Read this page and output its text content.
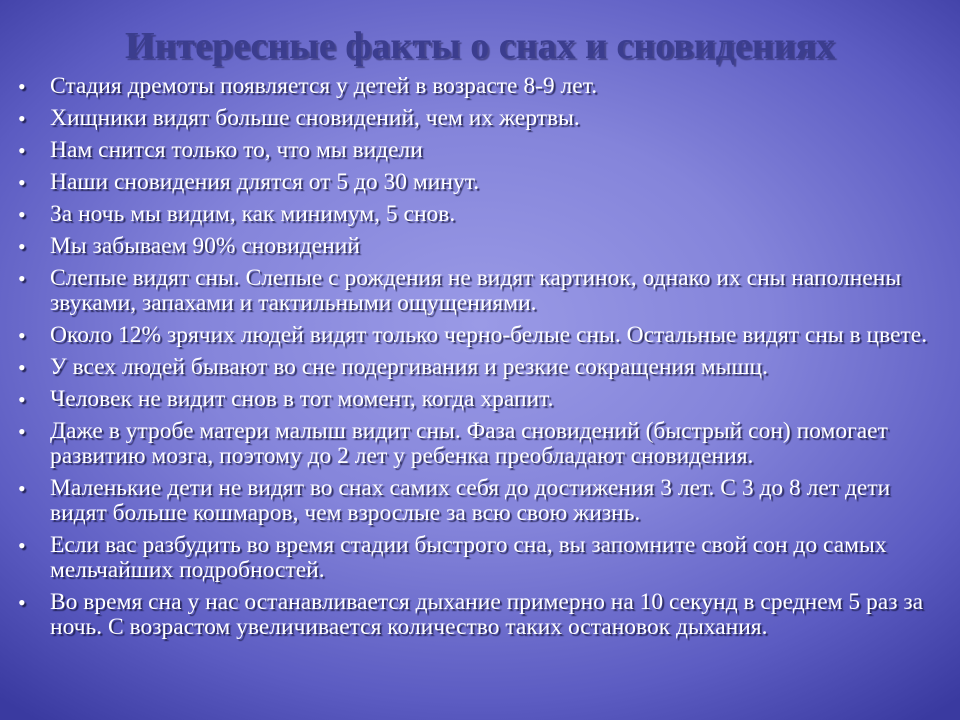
Интересные факты о снах и сновидениях
•	Стадия дремоты появляется у детей в возрасте 8-9 лет.
•	Хищники видят больше сновидений, чем их жертвы.
•	Нам снится только то, что мы видели
•	Наши сновидения длятся от 5 до 30 минут.
•	За ночь мы видим, как минимум, 5 снов.
•	Мы забываем 90% сновидений
•	Слепые видят сны. Слепые с рождения не видят картинок, однако их сны наполнены звуками, запахами и тактильными ощущениями.
•	Около 12% зрячих людей видят только черно-белые сны. Остальные видят сны в цвете.
•	У всех людей бывают во сне подергивания и резкие сокращения мышц.
•	Человек не видит снов в тот момент, когда храпит.
•	Даже в утробе матери малыш видит сны. Фаза сновидений (быстрый сон) помогает развитию мозга, поэтому до 2 лет у ребенка преобладают сновидения.
•	Маленькие дети не видят во снах самих себя до достижения 3 лет. С 3 до 8 лет дети видят больше кошмаров, чем взрослые за всю свою жизнь.
•	Если вас разбудить во время стадии быстрого сна, вы запомните свой сон до самых мельчайших подробностей.
•	Во время сна у нас останавливается дыхание примерно на 10 секунд в среднем 5 раз за ночь. С возрастом увеличивается количество таких остановок дыхания.
